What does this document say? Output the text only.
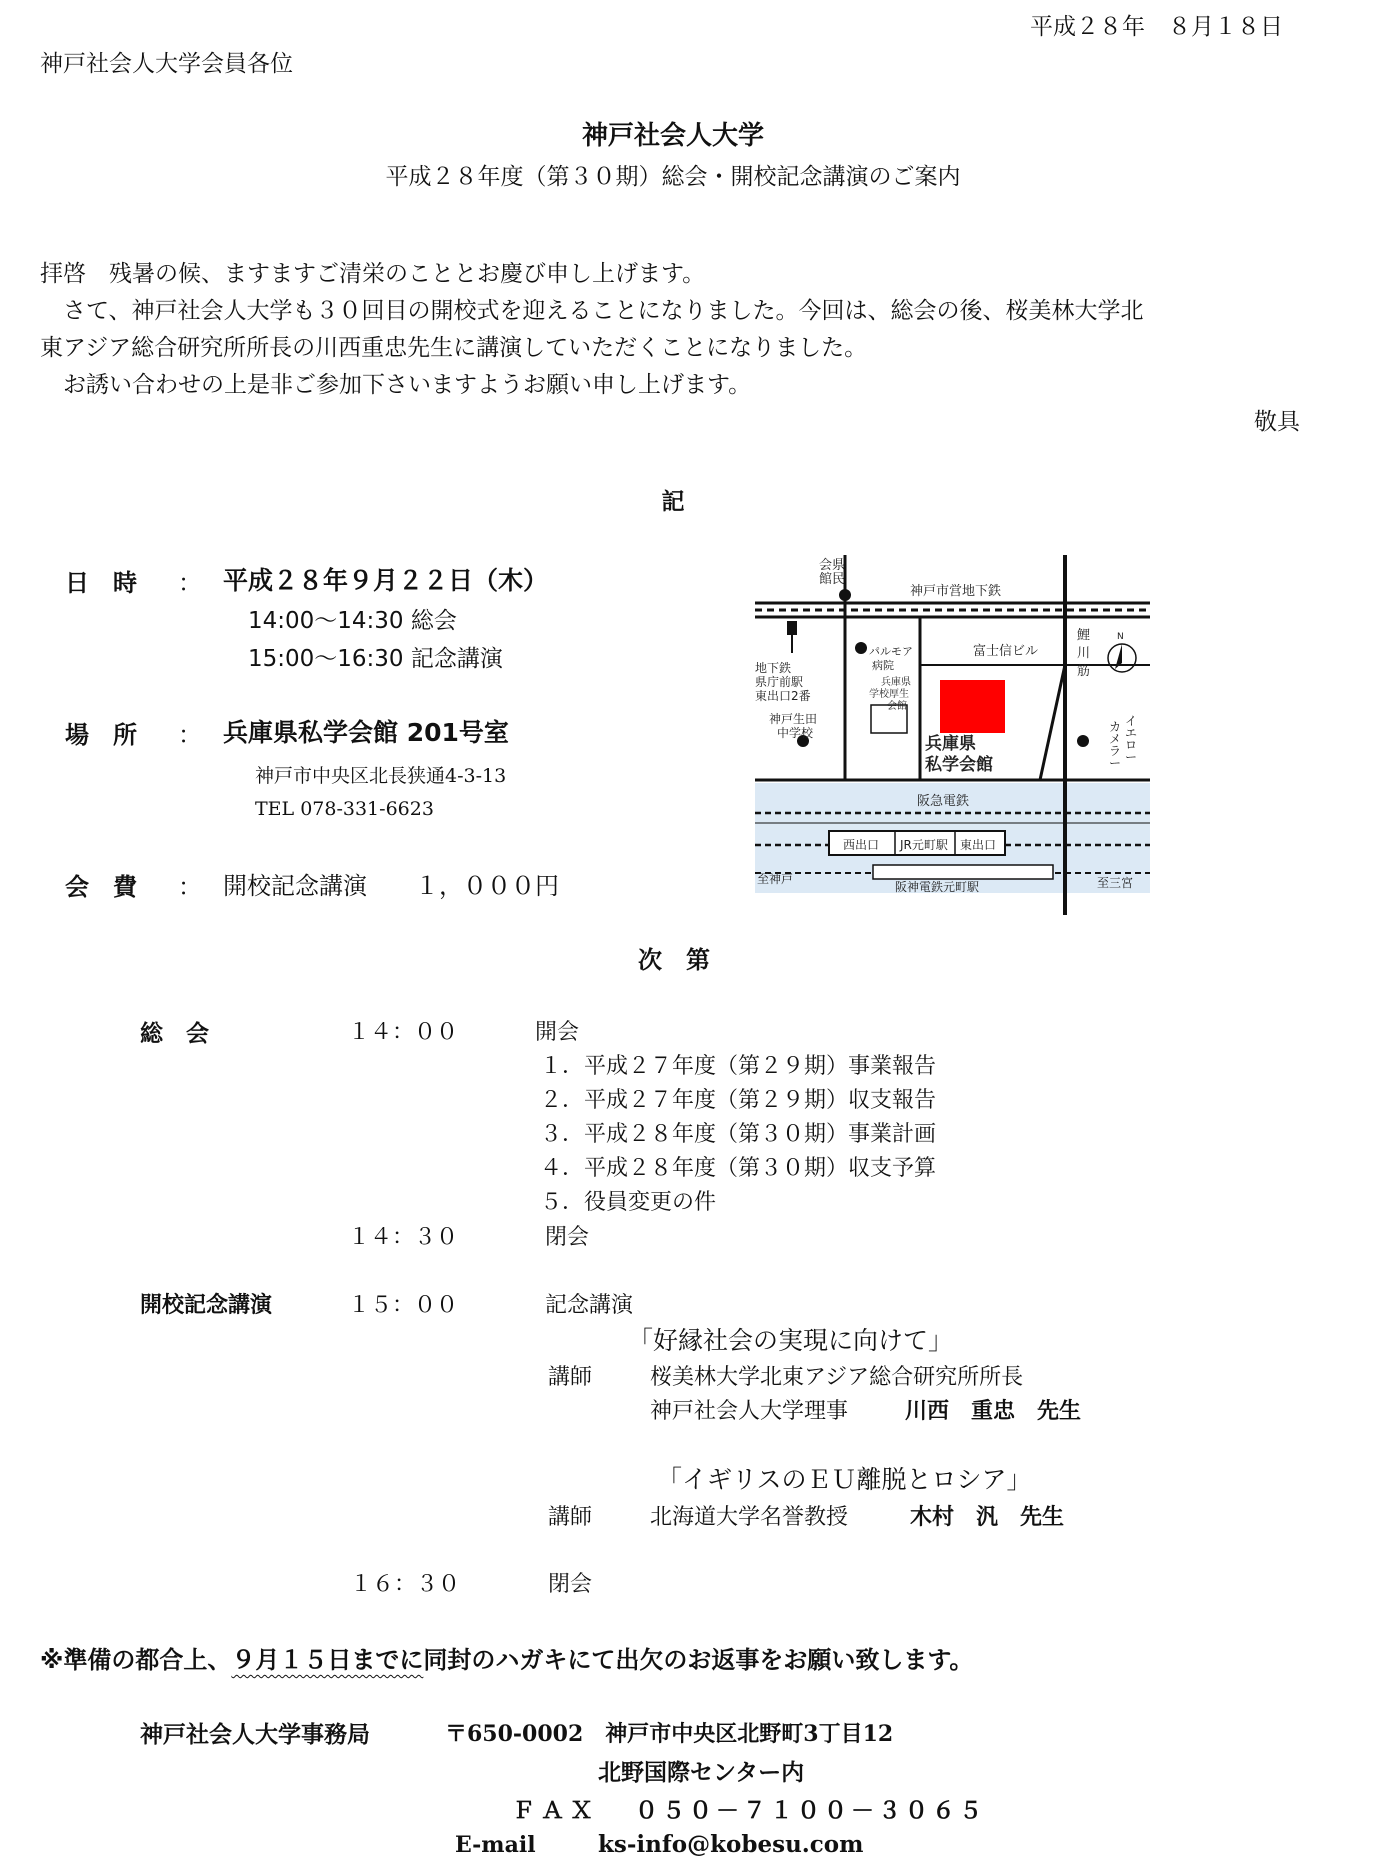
平成２８年　８月１８日
神戸社会人大学会員各位
神戸社会人大学
平成２８年度（第３０期）総会・開校記念講演のご案内
拝啓　残暑の候、ますますご清栄のこととお慶び申し上げます。
　さて、神戸社会人大学も３０回目の開校式を迎えることになりました。今回は、総会の後、桜美林大学北
東アジア総合研究所所長の川西重忠先生に講演していただくことになりました。
　お誘い合わせの上是非ご参加下さいますようお願い申し上げます。
敬具
記
日　時 ： 平成２８年９月２２日（木）
14:00～14:30 総会
15:00～16:30 記念講演
場　所 ： 兵庫県私学会館 201号室
神戸市中央区北長狭通4-3-13
TEL 078-331-6623
会　費 ： 開校記念講演　　１，０００円
会県
館民
神戸市営地下鉄
富士信ビル
鯉
川
筋
N
地下鉄
県庁前駅
東出口2番
パルモア
病院
兵庫県
学校厚生
会館
神戸生田
中学校
兵庫県
私学会館
イ
エ
ロ
ー
カ
メ
ラ
ー
阪急電鉄
西出口 JR元町駅 東出口
至神戸
阪神電鉄元町駅	至三宮
次　第
総　会	１４：００	開会
１．平成２７年度（第２９期）事業報告
２．平成２７年度（第２９期）収支報告
３．平成２８年度（第３０期）事業計画
４．平成２８年度（第３０期）収支予算
５．役員変更の件
１４：３０	閉会
開校記念講演	１５：００	記念講演
「好縁社会の実現に向けて」
講師	桜美林大学北東アジア総合研究所所長
神戸社会人大学理事	川西　重忠　先生
「イギリスのＥＵ離脱とロシア」
講師	北海道大学名誉教授	木村　汎　先生
１６：３０	閉会
※準備の都合上、９月１５日までに同封のハガキにて出欠のお返事をお願い致します。
神戸社会人大学事務局	〒650-0002　神戸市中央区北野町3丁目12
北野国際センター内
ＦＡＸ ０５０－７１００－３０６５
E-mail	ks-info@kobesu.com
